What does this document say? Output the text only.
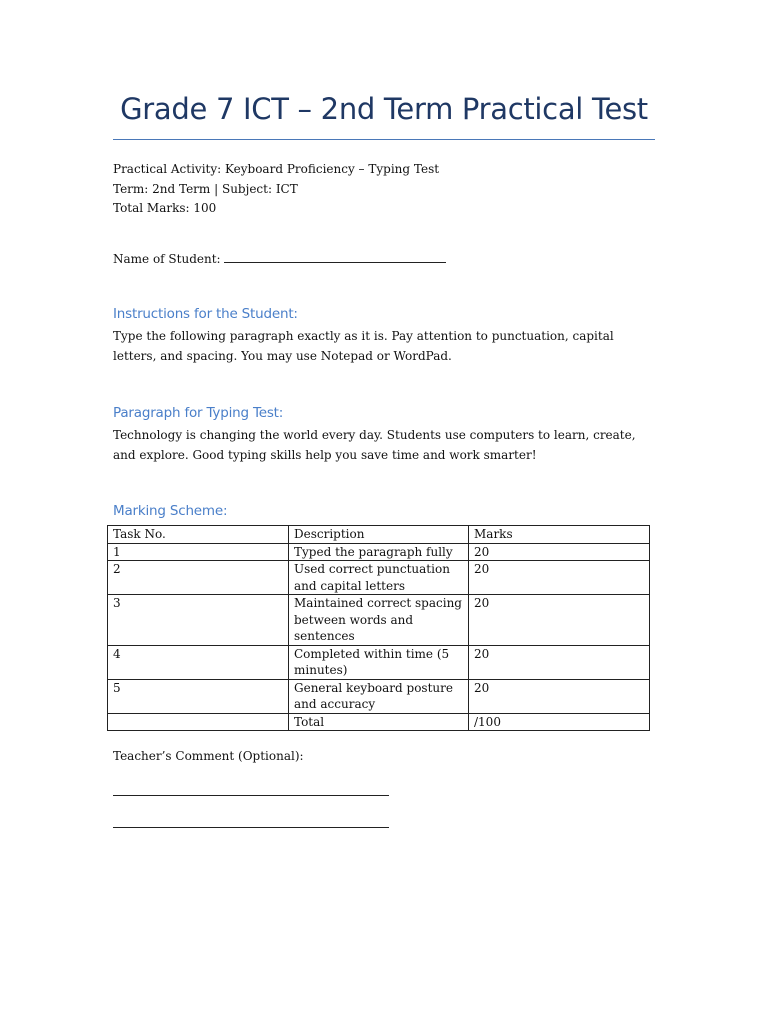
Grade 7 ICT – 2nd Term Practical Test
Practical Activity: Keyboard Proficiency – Typing Test
Term: 2nd Term | Subject: ICT
Total Marks: 100
Name of Student:
Instructions for the Student:

Type the following paragraph exactly as it is. Pay attention to punctuation, capital letters, and spacing. You may use Notepad or WordPad.

Paragraph for Typing Test:

Technology is changing the world every day. Students use computers to learn, create, and explore. Good typing skills help you save time and work smarter!

Marking Scheme:
Task No.	Description	Marks
1	Typed the paragraph fully	20
2	Used correct punctuation and capital letters	20
3	Maintained correct spacing between words and sentences	20
4	Completed within time (5 minutes)	20
5	General keyboard posture and accuracy	20
	Total	/100
Teacher’s Comment (Optional):
